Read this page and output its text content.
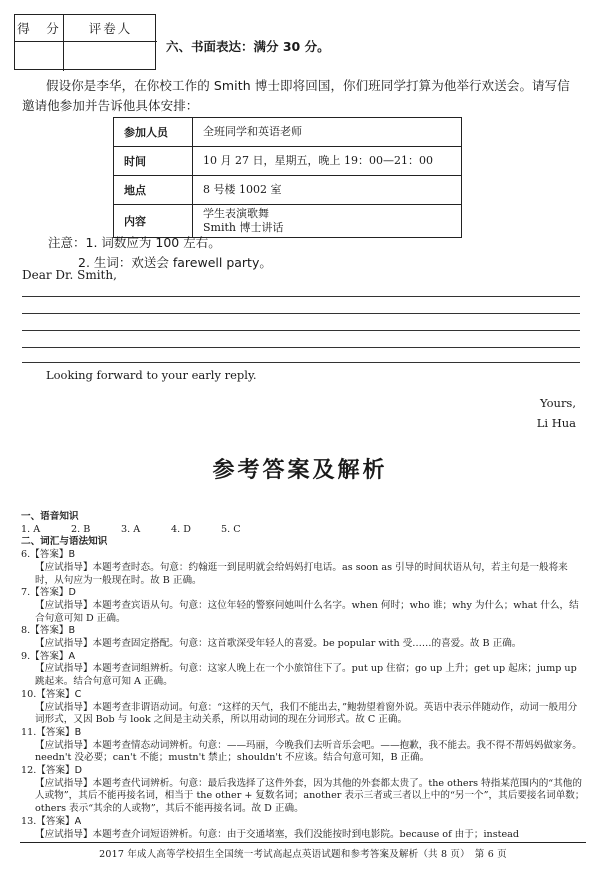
得　分	评卷人
六、书面表达：满分 30 分。
假设你是李华，在你校工作的 Smith 博士即将回国，你们班同学打算为他举行欢送会。请写信邀请他参加并告诉他具体安排：
参加人员	全班同学和英语老师
时间	10 月 27 日，星期五，晚上 19：00—21：00
地点	8 号楼 1002 室
内容	学生表演歌舞
Smith 博士讲话
注意：1. 词数应为 100 左右。
2. 生词：欢送会 farewell party。
Dear Dr. Smith,
Looking forward to your early reply.
Yours,
Li Hua
参考答案及解析
一、语音知识
1. A	2. B	3. A	4. D	5. C
二、词汇与语法知识
6.【答案】B
【应试指导】本题考查时态。句意：约翰逛一到昆明就会给妈妈打电话。as soon as 引导的时间状语从句，若主句是一般将来时，从句应为一般现在时。故 B 正确。
7.【答案】D
【应试指导】本题考查宾语从句。句意：这位年轻的警察问她叫什么名字。when 何时；who 谁；why 为什么；what 什么，结合句意可知 D 正确。
8.【答案】B
【应试指导】本题考查固定搭配。句意：这首歌深受年轻人的喜爱。be popular with 受……的喜爱。故 B 正确。
9.【答案】A
【应试指导】本题考查词组辨析。句意：这家人晚上在一个小旅馆住下了。put up 住宿；go up 上升；get up 起床；jump up 跳起来。结合句意可知 A 正确。
10.【答案】C
【应试指导】本题考查非谓语动词。句意：“这样的天气，我们不能出去，”鲍勃望着窗外说。英语中表示伴随动作，动词一般用分词形式，又因 Bob 与 look 之间是主动关系，所以用动词的现在分词形式。故 C 正确。
11.【答案】B
【应试指导】本题考查情态动词辨析。句意：——玛丽，今晚我们去听音乐会吧。——抱歉，我不能去。我不得不帮妈妈做家务。needn't 没必要；can't 不能；mustn't 禁止；shouldn't 不应该。结合句意可知，B 正确。
12.【答案】D
【应试指导】本题考查代词辨析。句意：最后我选择了这件外套，因为其他的外套都太贵了。the others 特指某范围内的“其他的人或物”，其后不能再接名词，相当于 the other + 复数名词；another 表示三者或三者以上中的“另一个”，其后要接名词单数；others 表示“其余的人或物”，其后不能再接名词。故 D 正确。
13.【答案】A
【应试指导】本题考查介词短语辨析。句意：由于交通堵塞，我们没能按时到电影院。because of 由于；instead
2017 年成人高等学校招生全国统一考试高起点英语试题和参考答案及解析（共 8 页）　第 6 页
